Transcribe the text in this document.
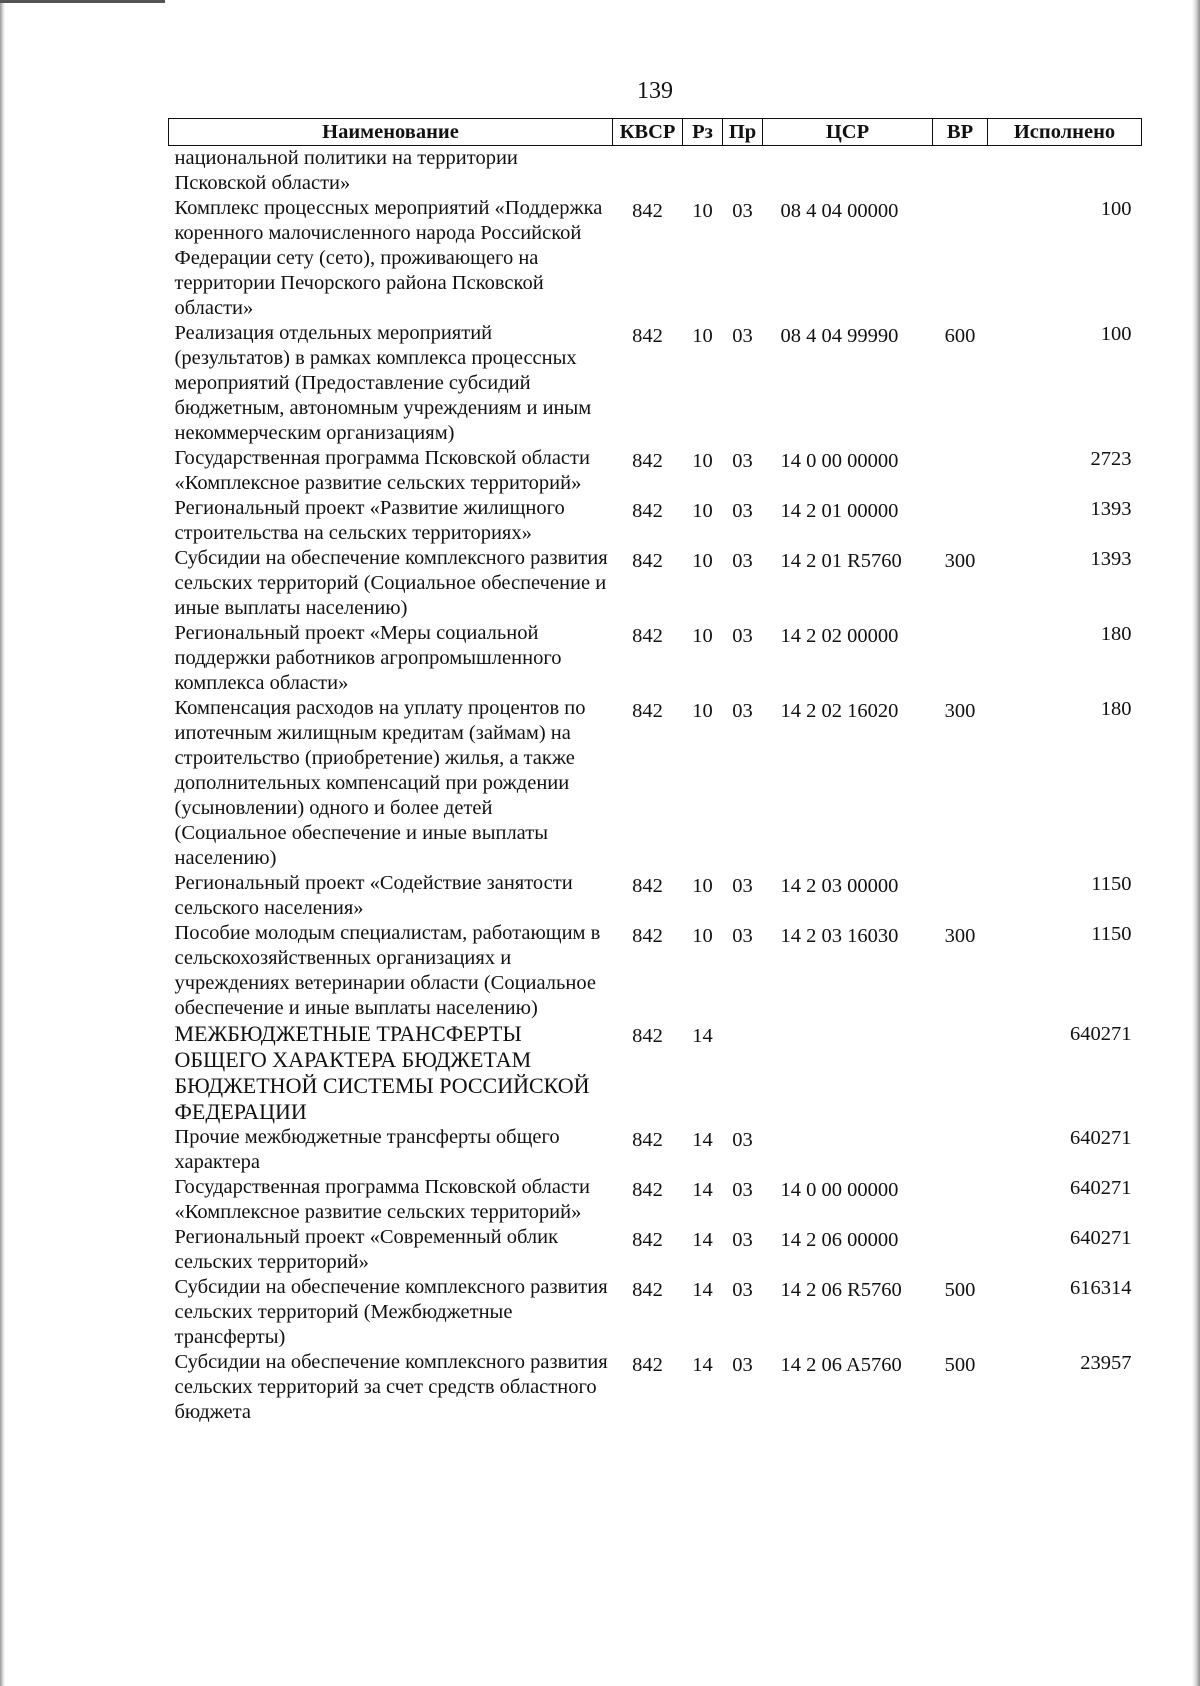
139
Наименование	КВСР	Рз	Пр	ЦСР	ВР	Исполнено
национальной политики на территории Псковской области»						
Комплекс процессных мероприятий «Поддержка коренного малочисленного народа Российской Федерации сету (сето), проживающего на территории Печорского района Псковской области»	842	10	03	08 4 04 00000		100
Реализация отдельных мероприятий (результатов) в рамках комплекса процессных мероприятий (Предоставление субсидий бюджетным, автономным учреждениям и иным некоммерческим организациям)	842	10	03	08 4 04 99990	600	100
Государственная программа Псковской области «Комплексное развитие сельских территорий»	842	10	03	14 0 00 00000		2723
Региональный проект «Развитие жилищного строительства на сельских территориях»	842	10	03	14 2 01 00000		1393
Субсидии на обеспечение комплексного развития сельских территорий (Социальное обеспечение и иные выплаты населению)	842	10	03	14 2 01 R5760	300	1393
Региональный проект «Меры социальной поддержки работников агропромышленного комплекса области»	842	10	03	14 2 02 00000		180
Компенсация расходов на уплату процентов по ипотечным жилищным кредитам (займам) на строительство (приобретение) жилья, а также дополнительных компенсаций при рождении (усыновлении) одного и более детей (Социальное обеспечение и иные выплаты населению)	842	10	03	14 2 02 16020	300	180
Региональный проект «Содействие занятости сельского населения»	842	10	03	14 2 03 00000		1150
Пособие молодым специалистам, работающим в сельскохозяйственных организациях и учреждениях ветеринарии области (Социальное обеспечение и иные выплаты населению)	842	10	03	14 2 03 16030	300	1150
МЕЖБЮДЖЕТНЫЕ ТРАНСФЕРТЫ ОБЩЕГО ХАРАКТЕРА БЮДЖЕТАМ БЮДЖЕТНОЙ СИСТЕМЫ РОССИЙСКОЙ ФЕДЕРАЦИИ	842	14				640271
Прочие межбюджетные трансферты общего характера	842	14	03			640271
Государственная программа Псковской области «Комплексное развитие сельских территорий»	842	14	03	14 0 00 00000		640271
Региональный проект «Современный облик сельских территорий»	842	14	03	14 2 06 00000		640271
Субсидии на обеспечение комплексного развития сельских территорий (Межбюджетные трансферты)	842	14	03	14 2 06 R5760	500	616314
Субсидии на обеспечение комплексного развития сельских территорий за счет средств областного бюджета	842	14	03	14 2 06 A5760	500	23957
